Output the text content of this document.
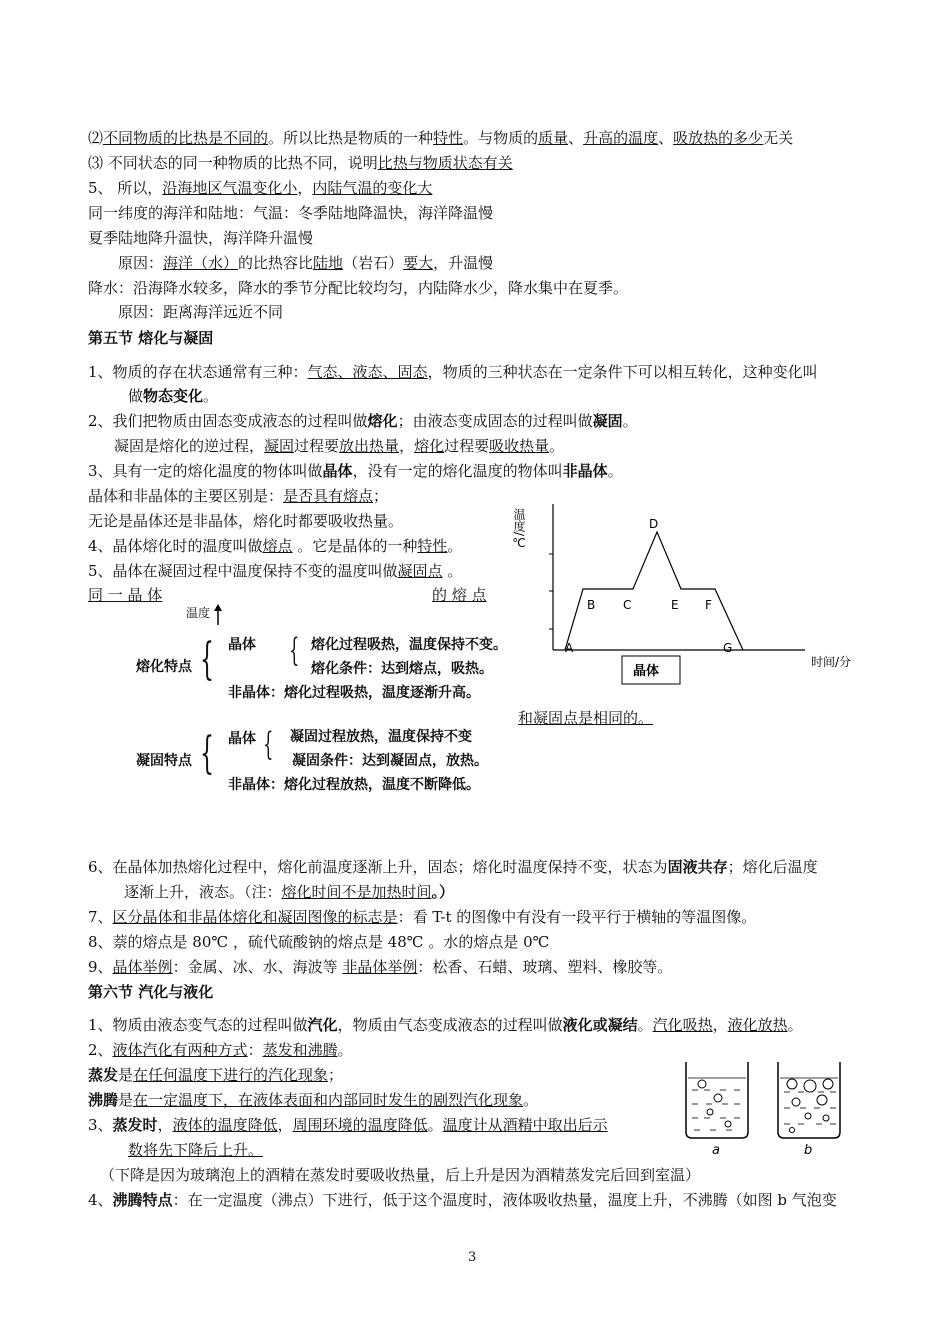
⑵不同物质的比热是不同的。所以比热是物质的一种特性。与物质的质量、升高的温度、吸放热的多少无关
⑶ 不同状态的同一种物质的比热不同，说明比热与物质状态有关
5、 所以，沿海地区气温变化小，内陆气温的变化大
同一纬度的海洋和陆地：气温：冬季陆地降温快，海洋降温慢
夏季陆地降升温快，海洋降升温慢
原因：海洋（水）的比热容比陆地（岩石）要大，升温慢
降水：沿海降水较多，降水的季节分配比较均匀，内陆降水少，降水集中在夏季。
原因：距离海洋远近不同
第五节 熔化与凝固
1、物质的存在状态通常有三种：气态、液态、固态，物质的三种状态在一定条件下可以相互转化，这种变化叫
做物态变化。
2、我们把物质由固态变成液态的过程叫做熔化；由液态变成固态的过程叫做凝固。
凝固是熔化的逆过程，凝固过程要放出热量，熔化过程要吸收热量。
3、具有一定的熔化温度的物体叫做晶体，没有一定的熔化温度的物体叫非晶体。
晶体和非晶体的主要区别是：是否具有熔点；
无论是晶体还是非晶体，熔化时都要吸收热量。
4、晶体熔化时的温度叫做熔点 。它是晶体的一种特性。
5、晶体在凝固过程中温度保持不变的温度叫做凝固点 。
同 一 晶 体	的 熔 点
和凝固点是相同的。
温度
熔化特点 { 晶体 { 熔化过程吸热，温度保持不变。
熔化条件：达到熔点，吸热。
非晶体：熔化过程吸热，温度逐渐升高。
凝固特点 { 晶体 { 凝固过程放热，温度保持不变
凝固条件：达到凝固点，放热。
非晶体：熔化过程放热，温度不断降低。
温度/℃
A
B C
D
E F
G
晶体
时间/分
6、在晶体加热熔化过程中，熔化前温度逐渐上升，固态；熔化时温度保持不变，状态为固液共存；熔化后温度
逐渐上升，液态。（注：熔化时间不是加热时间。）
7、区分晶体和非晶体熔化和凝固图像的标志是：看 T-t 的图像中有没有一段平行于横轴的等温图像。
8、萘的熔点是 80℃ ，硫代硫酸钠的熔点是 48℃ 。水的熔点是 0℃
9、晶体举例：金属、冰、水、海波等 非晶体举例：松香、石蜡、玻璃、塑料、橡胶等。
第六节 汽化与液化
1、物质由液态变气态的过程叫做汽化，物质由气态变成液态的过程叫做液化或凝结。汽化吸热，液化放热。
2、液体汽化有两种方式：蒸发和沸腾。
蒸发是在任何温度下进行的汽化现象；
沸腾是在一定温度下，在液体表面和内部同时发生的剧烈汽化现象。
3、蒸发时，液体的温度降低，周围环境的温度降低。温度计从酒精中取出后示
数将先下降后上升。
（下降是因为玻璃泡上的酒精在蒸发时要吸收热量，后上升是因为酒精蒸发完后回到室温）
4、沸腾特点：在一定温度（沸点）下进行，低于这个温度时，液体吸收热量，温度上升，不沸腾（如图 b 气泡变
a	b
3
